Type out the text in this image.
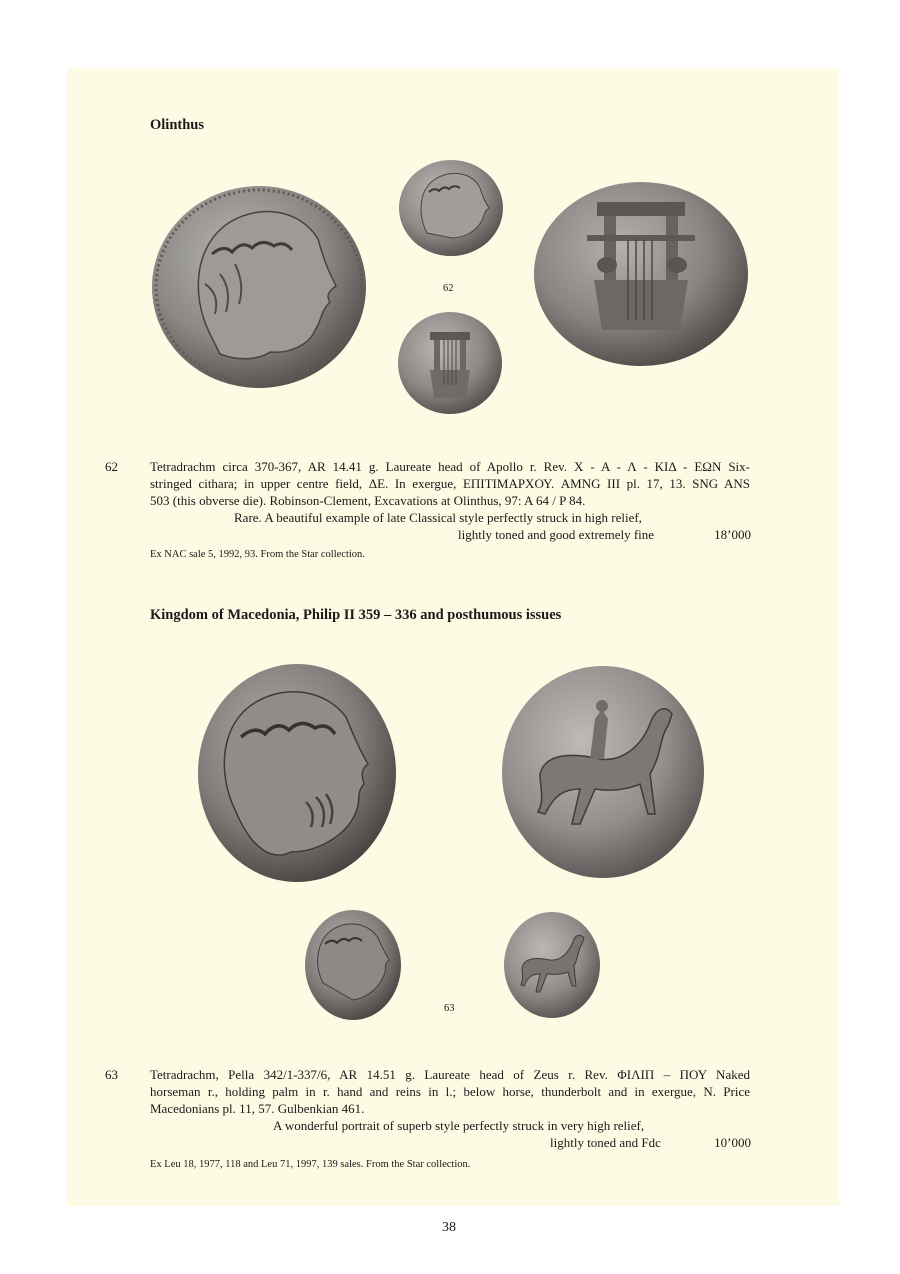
Olinthus
62
62 Tetradrachm circa 370-367, AR 14.41 g. Laureate head of Apollo r. Rev. Χ - Α - Λ - ΚΙΔ - ΕΩΝ Six-
stringed cithara; in upper centre field, ΔΕ. In exergue, ΕΠΙΤΙΜΑΡΧΟΥ. AMNG III pl. 17, 13. SNG ANS
503 (this obverse die). Robinson-Clement, Excavations at Olinthus, 97: A 64 / P 84.
Rare. A beautiful example of late Classical style perfectly struck in high relief,
lightly toned and good extremely fine	18’000
Ex NAC sale 5, 1992, 93. From the Star collection.
Kingdom of Macedonia, Philip II 359 – 336 and posthumous issues
63
63 Tetradrachm, Pella 342/1-337/6, AR 14.51 g. Laureate head of Zeus r. Rev. ΦΙΛΙΠ – ΠΟΥ Naked
horseman r., holding palm in r. hand and reins in l.; below horse, thunderbolt and in exergue, N. Price
Macedonians pl. 11, 57. Gulbenkian 461.
A wonderful portrait of superb style perfectly struck in very high relief,
lightly toned and Fdc	10’000
Ex Leu 18, 1977, 118 and Leu 71, 1997, 139 sales. From the Star collection.
38
